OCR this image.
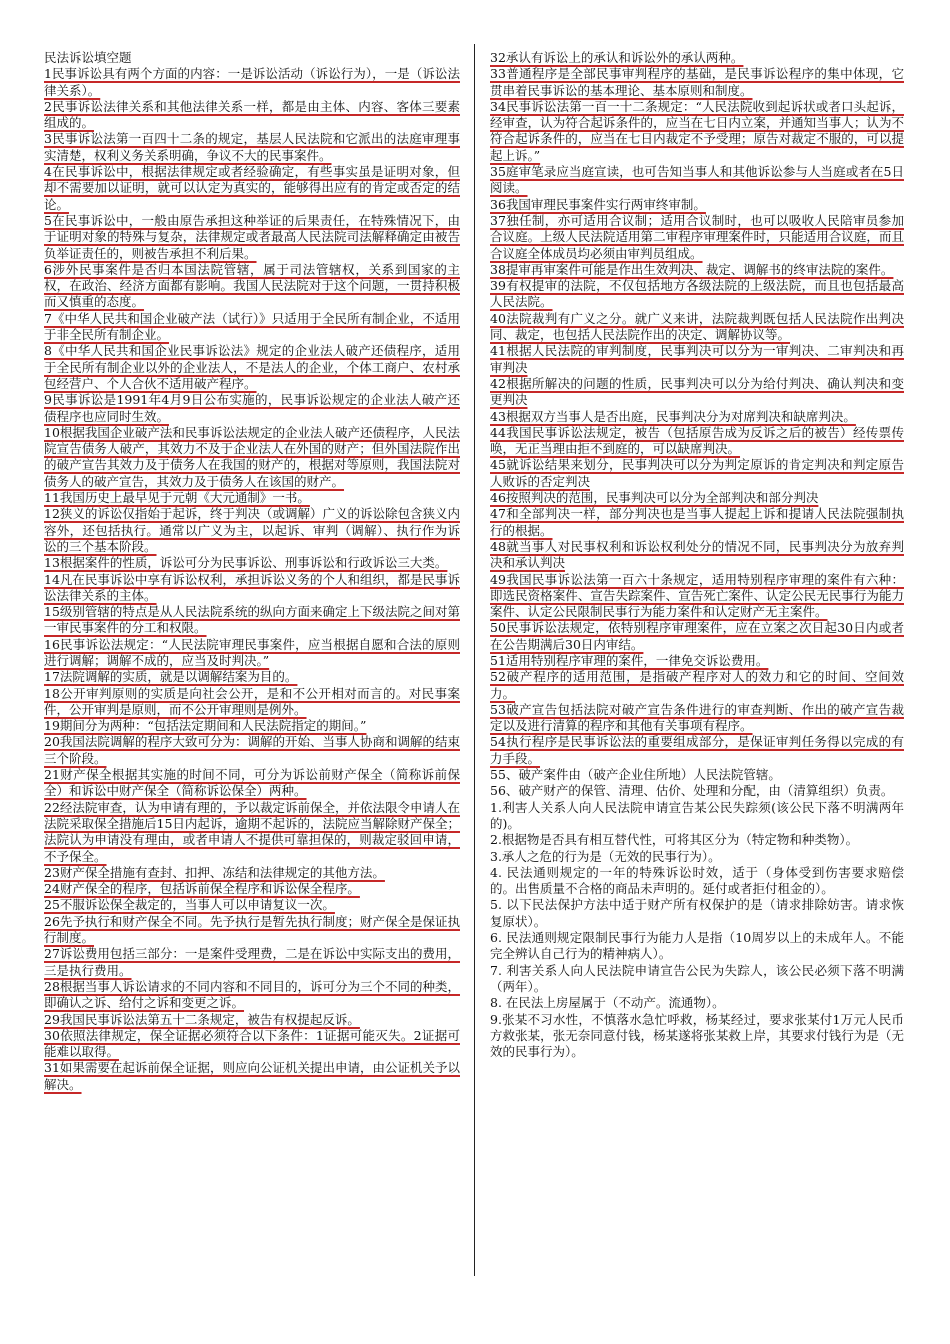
民法诉讼填空题

1民事诉讼具有两个方面的内容：一是诉讼活动（诉讼行为），一是（诉讼法律关系）。

2民事诉讼法律关系和其他法律关系一样，都是由主体、内容、客体三要素组成的。

3民事诉讼法第一百四十二条的规定，基层人民法院和它派出的法庭审理事实清楚，权利义务关系明确，争议不大的民事案件。

4在民事诉讼中，根据法律规定或者经验确定，有些事实虽是证明对象，但却不需要加以证明，就可以认定为真实的，能够得出应有的肯定或否定的结论。

5在民事诉讼中，一般由原告承担这种举证的后果责任，在特殊情况下，由于证明对象的特殊与复杂，法律规定或者最高人民法院司法解释确定由被告负举证责任的，则被告承担不利后果。

6涉外民事案件是否归本国法院管辖，属于司法管辖权，关系到国家的主权，在政治、经济方面都有影响。我国人民法院对于这个问题，一贯持积极而又慎重的态度。

7《中华人民共和国企业破产法（试行）》只适用于全民所有制企业，不适用于非全民所有制企业。

8《中华人民共和国企业民事诉讼法》规定的企业法人破产还债程序，适用于全民所有制企业以外的企业法人，不是法人的企业，个体工商户、农村承包经营户、个人合伙不适用破产程序。

9民事诉讼是1991年4月9日公布实施的，民事诉讼规定的企业法人破产还债程序也应同时生效。

10根据我国企业破产法和民事诉讼法规定的企业法人破产还债程序，人民法院宣告债务人破产，其效力不及于企业法人在外国的财产；但外国法院作出的破产宣告其效力及于债务人在我国的财产的，根据对等原则，我国法院对债务人的破产宣告，其效力及于债务人在该国的财产。

11我国历史上最早见于元朝《大元通制》一书。

12狭义的诉讼仅指始于起诉，终于判决（或调解）广义的诉讼除包含狭义内容外，还包括执行。通常以广义为主，以起诉、审判（调解）、执行作为诉讼的三个基本阶段。

13根据案件的性质，诉讼可分为民事诉讼、刑事诉讼和行政诉讼三大类。

14凡在民事诉讼中享有诉讼权利，承担诉讼义务的个人和组织，都是民事诉讼法律关系的主体。

15级别管辖的特点是从人民法院系统的纵向方面来确定上下级法院之间对第一审民事案件的分工和权限。

16民事诉讼法规定：“人民法院审理民事案件，应当根据自愿和合法的原则进行调解；调解不成的，应当及时判决。”

17法院调解的实质，就是以调解结案为目的。

18公开审判原则的实质是向社会公开，是和不公开相对而言的。对民事案件，公开审判是原则，而不公开审理则是例外。

19期间分为两种：“包括法定期间和人民法院指定的期间。”

20我国法院调解的程序大致可分为：调解的开始、当事人协商和调解的结束三个阶段。

21财产保全根据其实施的时间不同，可分为诉讼前财产保全（简称诉前保全）和诉讼中财产保全（简称诉讼保全）两种。

22经法院审查，认为申请有理的，予以裁定诉前保全，并依法限令申请人在法院采取保全措施后15日内起诉，逾期不起诉的，法院应当解除财产保全；法院认为申请没有理由，或者申请人不提供可靠担保的，则裁定驳回申请，不予保全。

23财产保全措施有查封、扣押、冻结和法律规定的其他方法。

24财产保全的程序，包括诉前保全程序和诉讼保全程序。

25不服诉讼保全裁定的，当事人可以申请复议一次。

26先予执行和财产保全不同。先予执行是暂先执行制度；财产保全是保证执行制度。

27诉讼费用包括三部分：一是案件受理费，二是在诉讼中实际支出的费用，三是执行费用。

28根据当事人诉讼请求的不同内容和不同目的，诉可分为三个不同的种类，即确认之诉、给付之诉和变更之诉。

29我国民事诉讼法第五十二条规定，被告有权提起反诉。

30依照法律规定，保全证据必须符合以下条件：1证据可能灭失。2证据可能难以取得。

31如果需要在起诉前保全证据，则应向公证机关提出申请，由公证机关予以解决。

32承认有诉讼上的承认和诉讼外的承认两种。

33普通程序是全部民事审判程序的基础，是民事诉讼程序的集中体现，它贯串着民事诉讼的基本理论、基本原则和制度。

34民事诉讼法第一百一十二条规定：“人民法院收到起诉状或者口头起诉，经审查，认为符合起诉条件的，应当在七日内立案，并通知当事人；认为不符合起诉条件的，应当在七日内裁定不予受理；原告对裁定不服的，可以提起上诉。”

35庭审笔录应当庭宣读，也可告知当事人和其他诉讼参与人当庭或者在5日阅读。

36我国审理民事案件实行两审终审制。

37独任制，亦可适用合议制；适用合议制时，也可以吸收人民陪审员参加合议庭。上级人民法院适用第二审程序审理案件时，只能适用合议庭，而且合议庭全体成员均必须由审判员组成。

38提审再审案件可能是作出生效判决、裁定、调解书的终审法院的案件。

39有权提审的法院，不仅包括地方各级法院的上级法院，而且也包括最高人民法院。

40法院裁判有广义之分。就广义来讲，法院裁判既包括人民法院作出判决同、裁定，也包括人民法院作出的决定、调解协议等。

41根据人民法院的审判制度，民事判决可以分为一审判决、二审判决和再审判决

42根据所解决的问题的性质，民事判决可以分为给付判决、确认判决和变更判决

43根据双方当事人是否出庭，民事判决分为对席判决和缺席判决。

44我国民事诉讼法规定，被告（包括原告成为反诉之后的被告）经传票传唤，无正当理由拒不到庭的，可以缺席判决。

45就诉讼结果来划分，民事判决可以分为判定原诉的肯定判决和判定原告人败诉的否定判决

46按照判决的范围，民事判决可以分为全部判决和部分判决

47和全部判决一样，部分判决也是当事人提起上诉和提请人民法院强制执行的根据。

48就当事人对民事权利和诉讼权利处分的情况不同，民事判决分为放弃判决和承认判决

49我国民事诉讼法第一百六十条规定，适用特别程序审理的案件有六种：即选民资格案件、宣告失踪案件、宣告死亡案件、认定公民无民事行为能力案件、认定公民限制民事行为能力案件和认定财产无主案件。

50民事诉讼法规定，依特别程序审理案件，应在立案之次日起30日内或者在公告期满后30日内审结。

51适用特别程序审理的案件，一律免交诉讼费用。

52破产程序的适用范围，是指破产程序对人的效力和它的时间、空间效力。

53破产宣告包括法院对破产宣告条件进行的审查判断、作出的破产宣告裁定以及进行清算的程序和其他有关事项有程序。

54执行程序是民事诉讼法的重要组成部分，是保证审判任务得以完成的有力手段。

55、破产案件由（破产企业住所地）人民法院管辖。

56、破产财产的保管、清理、估价、处理和分配，由（清算组织）负责。

1.利害人关系人向人民法院申请宣告某公民失踪须(该公民下落不明满两年的)。

2.根据物是否具有相互替代性，可将其区分为（特定物和种类物）。

3.承人之危的行为是（无效的民事行为）。

4. 民法通则规定的一年的特殊诉讼时效，适于（身体受到伤害要求赔偿的。出售质量不合格的商品未声明的。延付或者拒付租金的）。

5. 以下民法保护方法中适于财产所有权保护的是（请求排除妨害。请求恢复原状）。

6. 民法通则规定限制民事行为能力人是指（10周岁以上的未成年人。不能完全辨认自己行为的精神病人）。

7. 利害关系人向人民法院申请宣告公民为失踪人，该公民必须下落不明满（两年）。

8. 在民法上房屋属于（不动产。流通物）。

9.张某不习水性，不慎落水急忙呼救，杨某经过，要求张某付1万元人民币方救张某，张无奈同意付钱，杨某遂将张某救上岸，其要求付钱行为是（无效的民事行为）。
